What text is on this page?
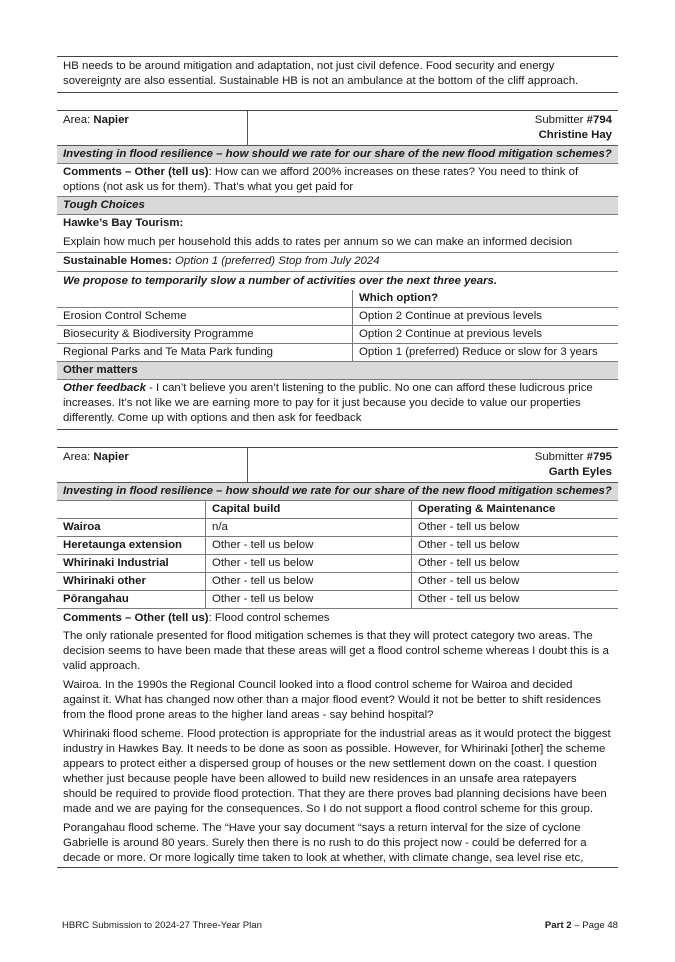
HB needs to be around mitigation and adaptation, not just civil defence. Food security and energy sovereignty are also essential. Sustainable HB is not an ambulance at the bottom of the cliff approach.
Area: Napier	Submitter #794
Christine Hay
Investing in flood resilience – how should we rate for our share of the new flood mitigation schemes?
Comments – Other (tell us): How can we afford 200% increases on these rates? You need to think of options (not ask us for them). That’s what you get paid for
Tough Choices
Hawke’s Bay Tourism:
Explain how much per household this adds to rates per annum so we can make an informed decision
Sustainable Homes: Option 1 (preferred) Stop from July 2024
We propose to temporarily slow a number of activities over the next three years.
	Which option?
Erosion Control Scheme	Option 2 Continue at previous levels
Biosecurity & Biodiversity Programme	Option 2 Continue at previous levels
Regional Parks and Te Mata Park funding	Option 1 (preferred) Reduce or slow for 3 years
Other matters
Other feedback - I can’t believe you aren’t listening to the public. No one can afford these ludicrous price increases. It’s not like we are earning more to pay for it just because you decide to value our properties differently. Come up with options and then ask for feedback
Area: Napier	Submitter #795
Garth Eyles
Investing in flood resilience – how should we rate for our share of the new flood mitigation schemes?
	Capital build	Operating & Maintenance
Wairoa	n/a	Other - tell us below
Heretaunga extension	Other - tell us below	Other - tell us below
Whirinaki Industrial	Other - tell us below	Other - tell us below
Whirinaki other	Other - tell us below	Other - tell us below
Pōrangahau	Other - tell us below	Other - tell us below
Comments – Other (tell us): Flood control schemes
The only rationale presented for flood mitigation schemes is that they will protect category two areas. The decision seems to have been made that these areas will get a flood control scheme whereas I doubt this is a valid approach.
Wairoa. In the 1990s the Regional Council looked into a flood control scheme for Wairoa and decided against it. What has changed now other than a major flood event? Would it not be better to shift residences from the flood prone areas to the higher land areas - say behind hospital?
Whirinaki flood scheme. Flood protection is appropriate for the industrial areas as it would protect the biggest industry in Hawkes Bay. It needs to be done as soon as possible. However, for Whirinaki [other] the scheme appears to protect either a dispersed group of houses or the new settlement down on the coast. I question whether just because people have been allowed to build new residences in an unsafe area ratepayers should be required to provide flood protection. That they are there proves bad planning decisions have been made and we are paying for the consequences. So I do not support a flood control scheme for this group.
Porangahau flood scheme. The “Have your say document “says a return interval for the size of cyclone Gabrielle is around 80 years. Surely then there is no rush to do this project now - could be deferred for a decade or more. Or more logically time taken to look at whether, with climate change, sea level rise etc,
HBRC Submission to 2024-27 Three-Year Plan	Part 2 – Page 48
